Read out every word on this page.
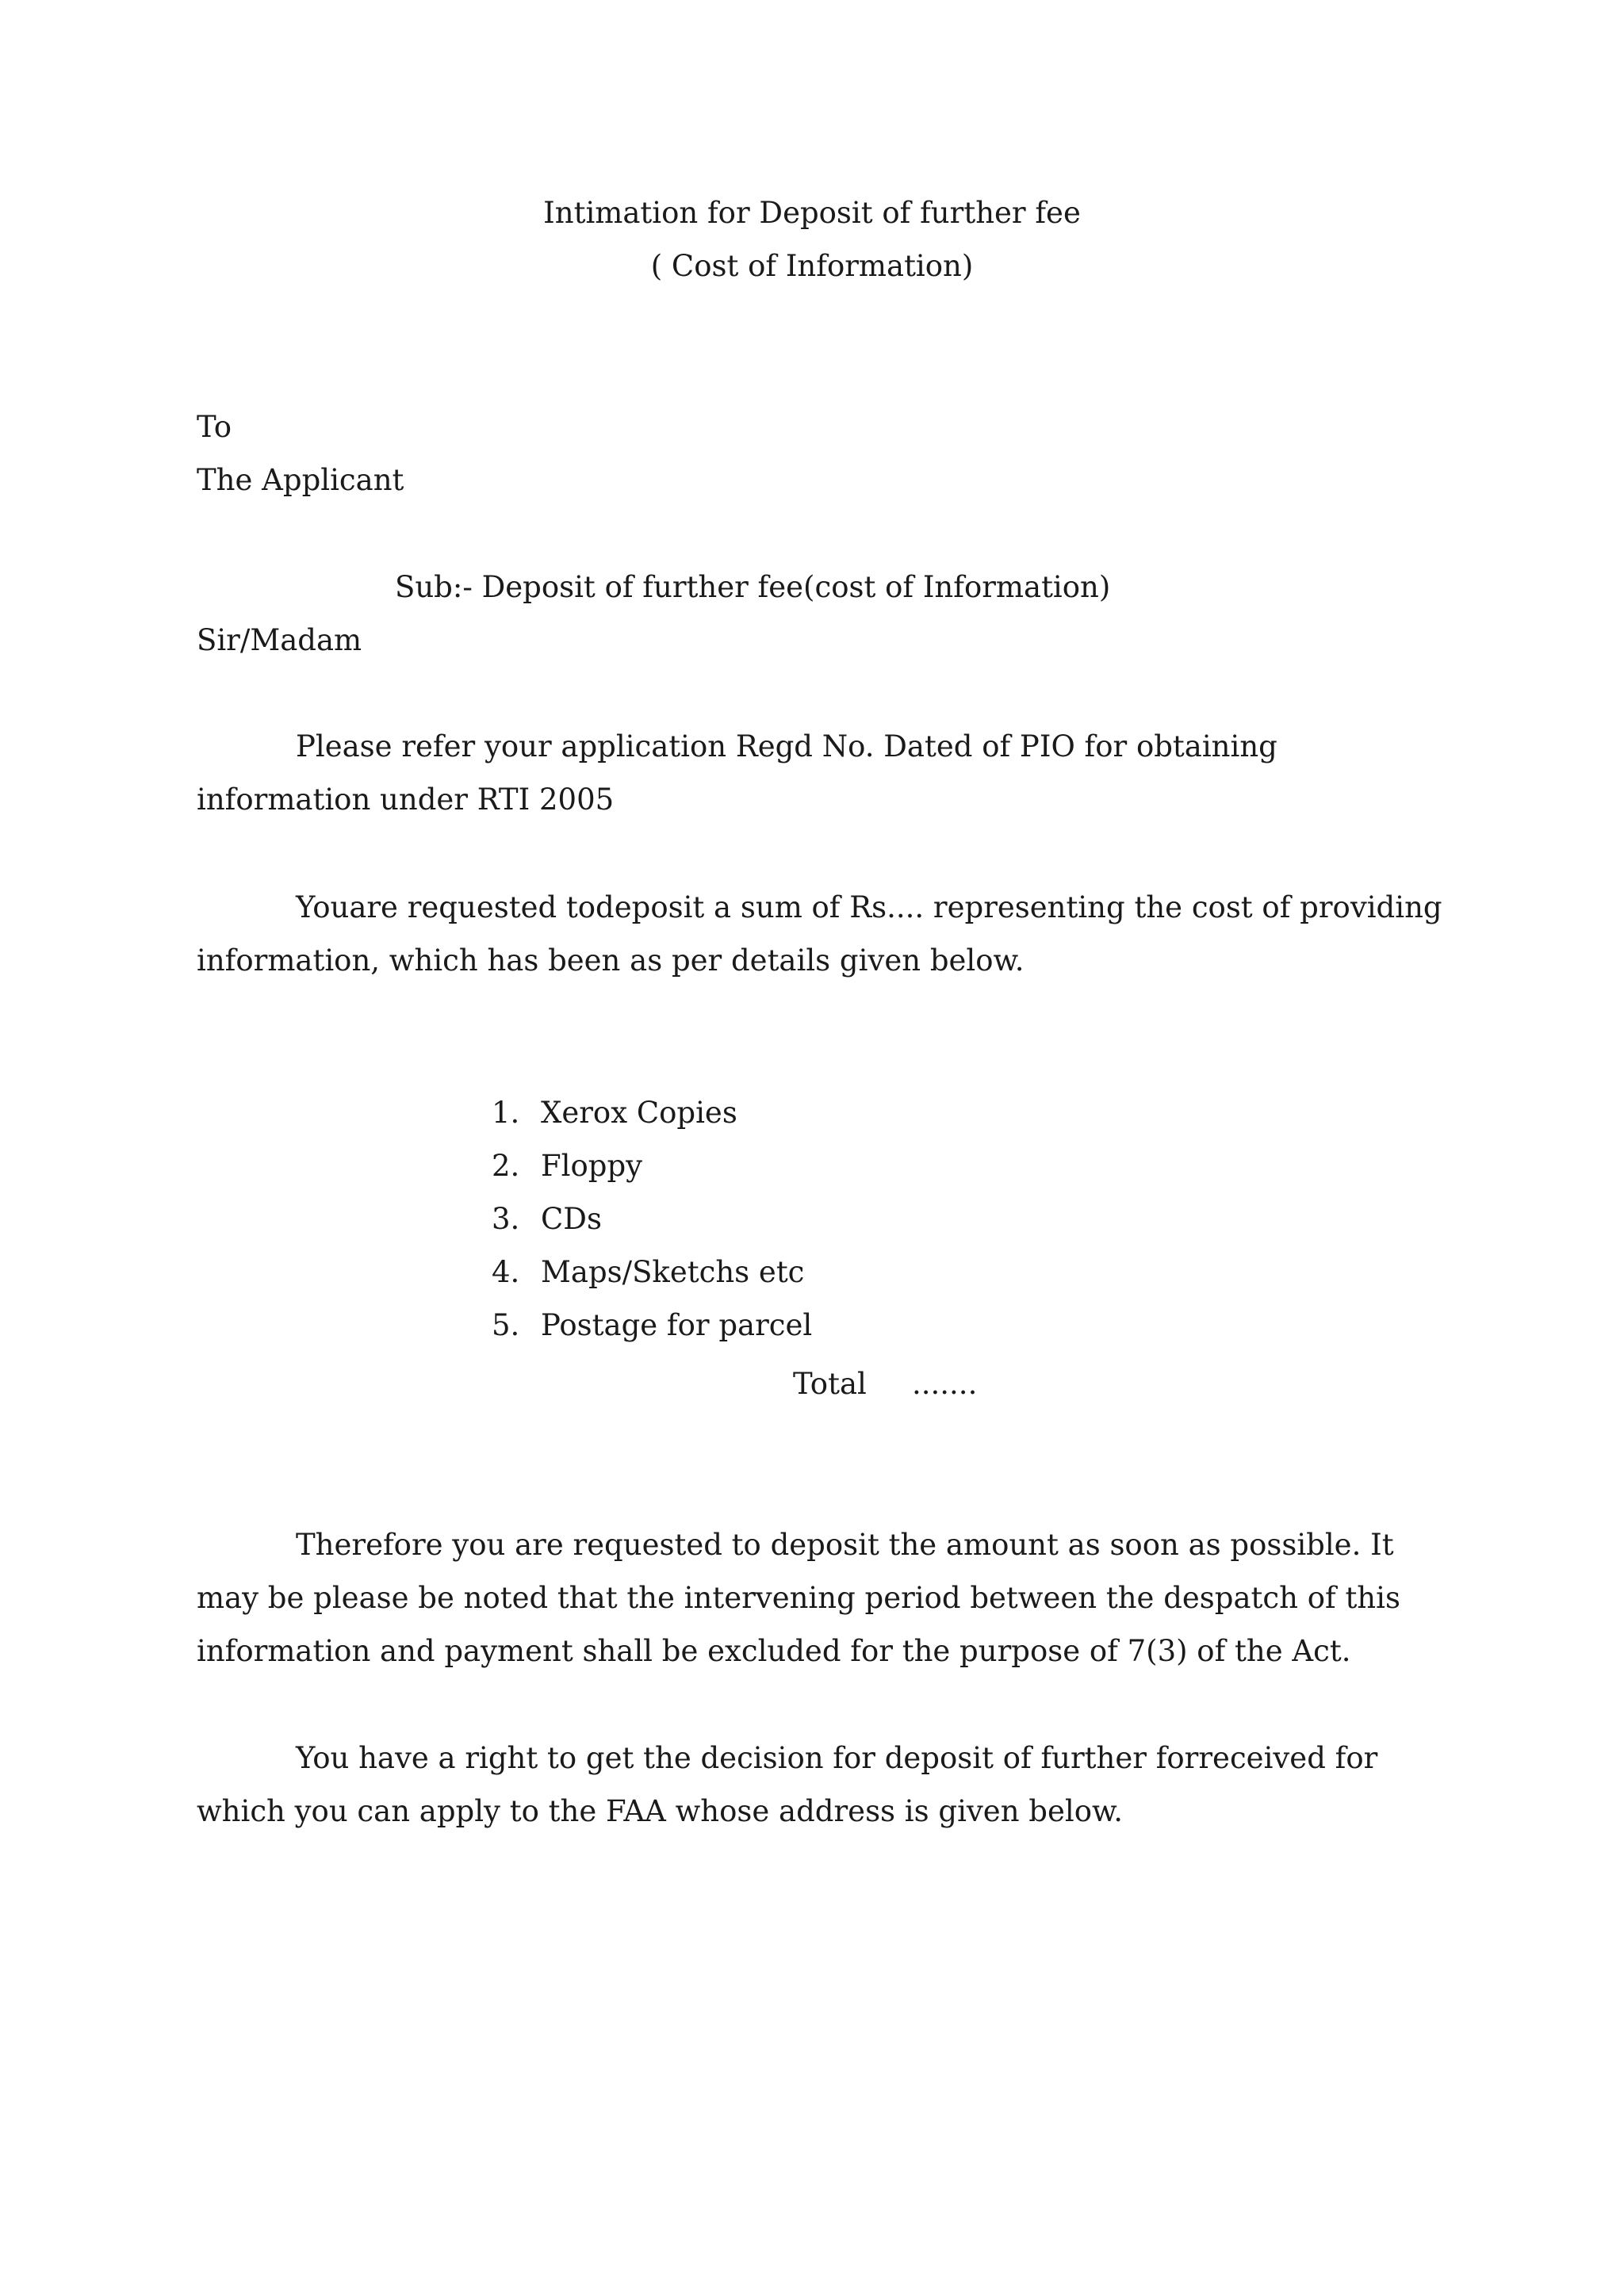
Intimation for Deposit of further fee
( Cost of Information)
To
The Applicant
Sub:- Deposit of further fee(cost of Information)
Sir/Madam
Please refer your application Regd No. Dated of PIO for obtaining
information under RTI 2005
Youare requested todeposit a sum of Rs.... representing the cost of providing
information, which has been as per details given below.
1. Xerox Copies
2. Floppy
3. CDs
4. Maps/Sketchs etc
5. Postage for parcel
Total .......
Therefore you are requested to deposit the amount as soon as possible. It
may be please be noted that the intervening period between the despatch of this
information and payment shall be excluded for the purpose of 7(3) of the Act.
You have a right to get the decision for deposit of further forreceived for
which you can apply to the FAA whose address is given below.
